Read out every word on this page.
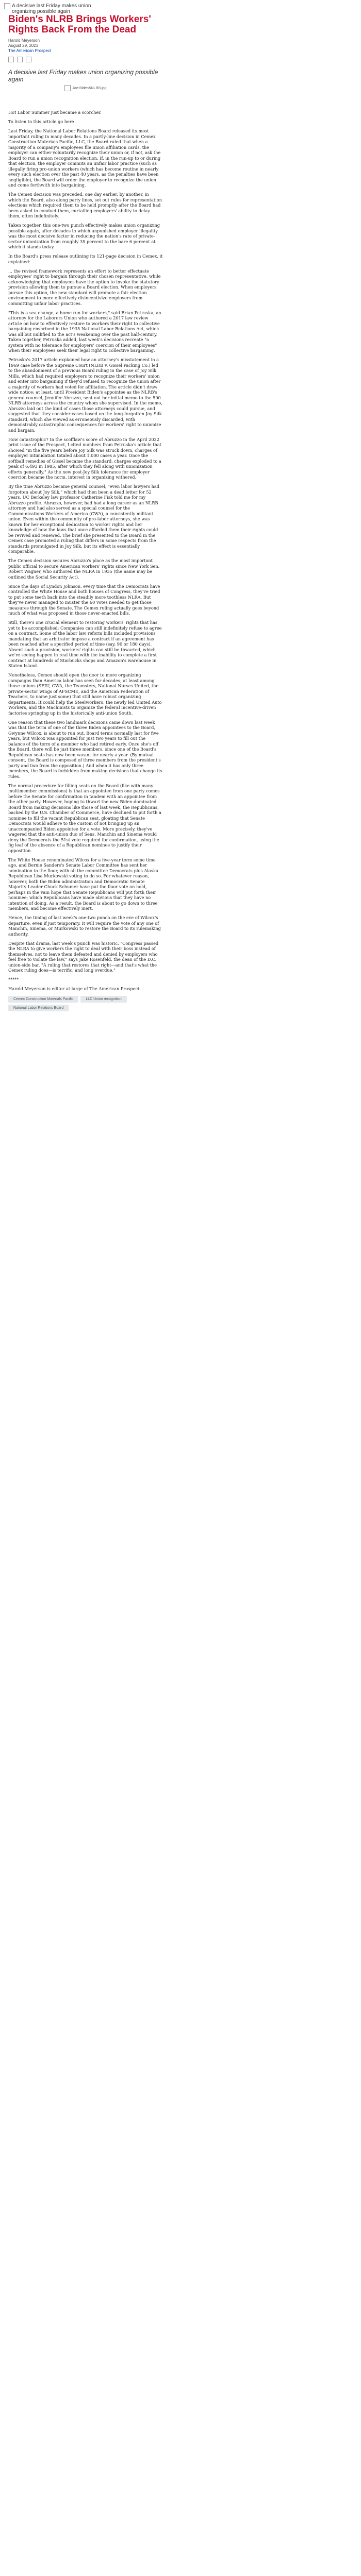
A decisive last Friday makes union organizing possible again
Biden's NLRB Brings Workers' Rights Back From the Dead
Harold Meyerson
August 29, 2023
The American Prospect
A decisive last Friday makes union organizing possible again
Joe-Biden&NLRB.jpg

Hot Labor Summer just became a scorcher.

To listen to this article go here

Last Friday, the National Labor Relations Board released its most important ruling in many decades. In a partly-line decision in Cemex Construction Materials Pacific, LLC, the Board ruled that when a majority of a company's employees file union affiliation cards, the employer can either voluntarily recognize their union or, if not, ask the Board to run a union recognition election. If, in the run-up to or during that election, the employer commits an unfair labor practice (such as illegally firing pro-union workers (which has become routine in nearly every such election over the past 40 years, as the penalties have been negligible), the Board will order the employer to recognize the union and come forthwith into bargaining.

The Cemex decision was preceded, one day earlier, by another, in which the Board, also along party lines, set out rules for representation elections which required them to be held promptly after the Board had been asked to conduct them, curtailing employers' ability to delay them, often indefinitely.

Taken together, this one-two punch effectively makes union organizing possible again, after decades in which unpunished employer illegality was the most decisive factor in reducing the nation's rate of private-sector unionization from roughly 35 percent to the bare 6 percent at which it stands today.

In the Board's press release outlining its 121-page decision in Cemex, it explained:

... the revised framework represents an effort to better effectuate employees' right to bargain through their chosen representative, while acknowledging that employees have the option to invoke the statutory provision allowing them to pursue a Board election. When employers pursue this option, the new standard will promote a fair election environment to more effectively disincentivize employers from committing unfair labor practices.

"This is a sea change, a home run for workers," said Brian Petruska, an attorney for the Laborers Union who authored a 2017 law review article on how to effectively restore to workers their right to collective bargaining enshrined in the 1935 National Labor Relations Act, which was all but nullified to the act's weakening over the past half-century. Taken together, Petruska added, last week's decisions recreate "a system with no tolerance for employers' coercion of their employees" when their employees seek their legal right to collective bargaining.

Petruska's 2017 article explained how an attorney's misstatement in a 1969 case before the Supreme Court (NLRB v. Gissel Packing Co.) led to the abandonment of a previous Board ruling in the case of Joy Silk Mills, which had required employers to recognize their workers' union and enter into bargaining if they'd refused to recognize the union after a majority of workers had voted for affiliation. The article didn't draw wide notice; at least, until President Biden's appointee as the NLRB's general counsel, Jennifer Abruzzo, sent out her initial memo to the 500 NLRB attorneys across the country whom she supervised. In the memo, Abruzzo laid out the kind of cases those attorneys could pursue, and suggested that they consider cases based on the long-forgotten Joy Silk standard, which she viewed as erroneously discarded, with demonstrably catastrophic consequences for workers' right to unionize and bargain.

How catastrophic? In the scofflaw's score of Abruzzo in the April 2022 print issue of the Prospect, I cited numbers from Petruska's article that showed "in the five years before Joy Silk was struck down, charges of employer intimidation totaled about 1,000 cases a year. Once the softball remedies of Gissel became the standard, charges exploded to a peak of 6,493 in 1985, after which they fell along with unionization efforts generally." As the new post-Joy Silk tolerance for employer coercion became the norm, interest in organizing withered.

By the time Abruzzo became general counsel, "even labor lawyers had forgotten about Joy Silk," which had then been a dead letter for 52 years, UC Berkeley law professor Catherine Fisk told me for my Abruzzo profile. Abruzzo, however, had had a long career as an NLRB attorney and had also served as a special counsel for the Communications Workers of America (CWA), a consistently militant union. Even within the community of pro-labor attorneys, she was known for her exceptional dedication to worker rights and her knowledge of how the laws that once afforded them their rights could be revived and renewed. The brief she presented to the Board in the Cemex case promoted a ruling that differs in some respects from the standards promulgated in Joy Silk, but its effect is essentially comparable.

The Cemex decision secures Abruzzo's place as the most important public official to secure American workers' rights since New York Sen. Robert Wagner, who authored the NLRA in 1935 (the name may be outlined the Social Security Act).

Since the days of Lyndon Johnson, every time that the Democrats have controlled the White House and both houses of Congress, they've tried to put some teeth back into the steadily more toothless NLRA. But they've never managed to muster the 60 votes needed to get those measures through the Senate. The Cemex ruling actually goes beyond much of what was proposed in those never-enacted bills.

Still, there's one crucial element to restoring workers' rights that has yet to be accomplished: Companies can still indefinitely refuse to agree on a contract. Some of the labor law reform bills included provisions mandating that an arbitrator impose a contract if an agreement has been reached after a specified period of time (say, 90 or 180 days). Absent such a provision, workers' rights can still be thwarted, which we're seeing happen in real time with the inability to complete a first contract at hundreds of Starbucks shops and Amazon's warehouse in Staten Island.

Nonetheless, Cemex should open the door to more organizing campaigns than America labor has seen for decades; at least among those unions (SEIU, CWA, the Teamsters, National Nurses United, the private-sector wings of AFSCME, and the American Federation of Teachers, to name just some) that still have robust organizing departments. It could help the Steelworkers, the newly led United Auto Workers, and the Machinists to organize the federal incentive-driven factories springing up in the historically anti-union South.

One reason that these two landmark decisions came down last week was that the term of one of the three Biden appointees to the Board, Gwynne Wilcox, is about to run out. Board terms normally last for five years, but Wilcox was appointed for just two years to fill out the balance of the term of a member who had retired early. Once she's off the Board, there will be just three members, since one of the Board's Republican seats has now been vacant for nearly a year. (By mutual consent, the Board is composed of three members from the president's party and two from the opposition.) And when it has only three members, the Board is forbidden from making decisions that change its rules.

The normal procedure for filling seats on the Board (like with many multimember commissions) is that an appointee from one party comes before the Senate for confirmation in tandem with an appointee from the other party. However, hoping to thwart the new Biden-dominated Board from making decisions like those of last week, the Republicans, backed by the U.S. Chamber of Commerce, have declined to put forth a nominee to fill the vacant Republican seat, gloating that Senate Democrats would adhere to the custom of not bringing up an unaccompanied Biden appointee for a vote. More precisely, they've wagered that the anti-union duo of Sens. Manchin and Sinema would deny the Democrats the 51st vote required for confirmation, using the fig leaf of the absence of a Republican nominee to justify their opposition.

The White House renominated Wilcox for a five-year term some time ago, and Bernie Sanders's Senate Labor Committee has sent her nomination to the floor, with all the committee Democrats plus Alaska Republican Lisa Murkowski voting to do so. For whatever reason, however, both the Biden administration and Democratic Senate Majority Leader Chuck Schumer have put the floor vote on hold, perhaps in the vain hope that Senate Republicans will put forth their nominee; which Republicans have made obvious that they have no intention of doing. As a result, the Board is about to go down to three members, and become effectively inert.

Hence, the timing of last week's one-two punch on the eve of Wilcox's departure, even if just temporary. It will require the vote of any one of Manchin, Sinema, or Murkowski to restore the Board to its rulemaking authority.

Despite that drama, last week's punch was historic. "Congress passed the NLRA to give workers the right to deal with their boss instead of themselves, not to leave them defeated and denied by employers who feel free to violate the law," says Jake Rosenfeld, the dean of the D.C. union-side bar. "A ruling that restores that right—and that's what the Cemex ruling does—is terrific, and long overdue."

*****

Harold Meyerson is editor at large of The American Prospect.

Cemex Construction Materials Pacific	LLC Union recognition
National Labor Relations Board
